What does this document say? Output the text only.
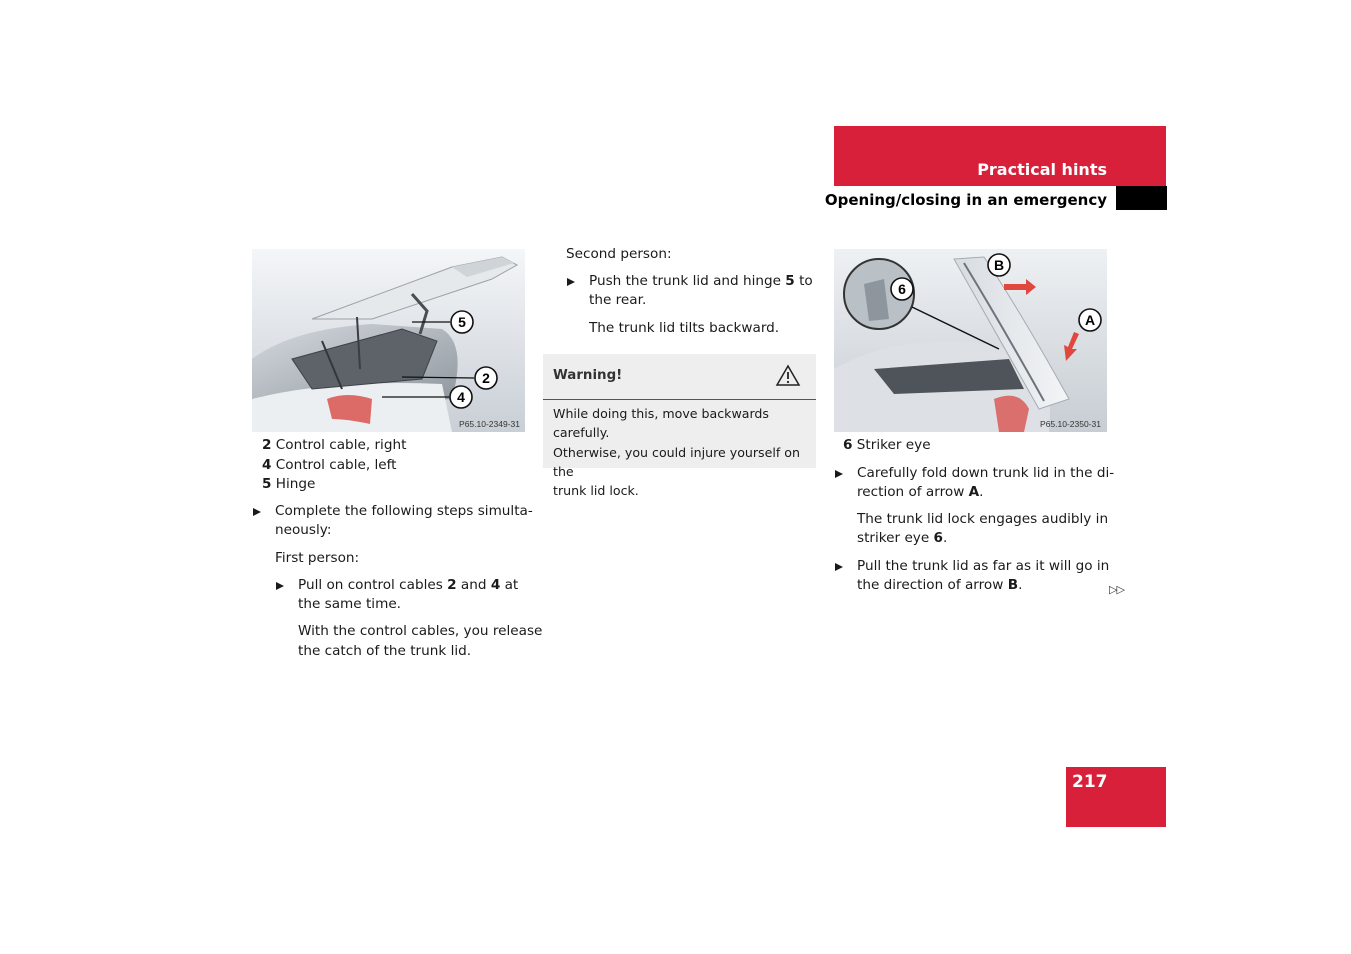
Practical hints
Opening/closing in an emergency
5
2
4
P65.10-2349-31
2 Control cable, right
4 Control cable, left
5 Hinge
Complete the following steps simulta-
neously:
First person:
Pull on control cables 2 and 4 at
the same time.
With the control cables, you release
the catch of the trunk lid.
Second person:
Push the trunk lid and hinge 5 to
the rear.
The trunk lid tilts backward.
Warning!
While doing this, move backwards carefully.
Otherwise, you could injure yourself on the
trunk lid lock.
B
6
A
P65.10-2350-31
6 Striker eye
Carefully fold down trunk lid in the di-
rection of arrow A.
The trunk lid lock engages audibly in
striker eye 6.
Pull the trunk lid as far as it will go in
the direction of arrow B.	▷▷
217
